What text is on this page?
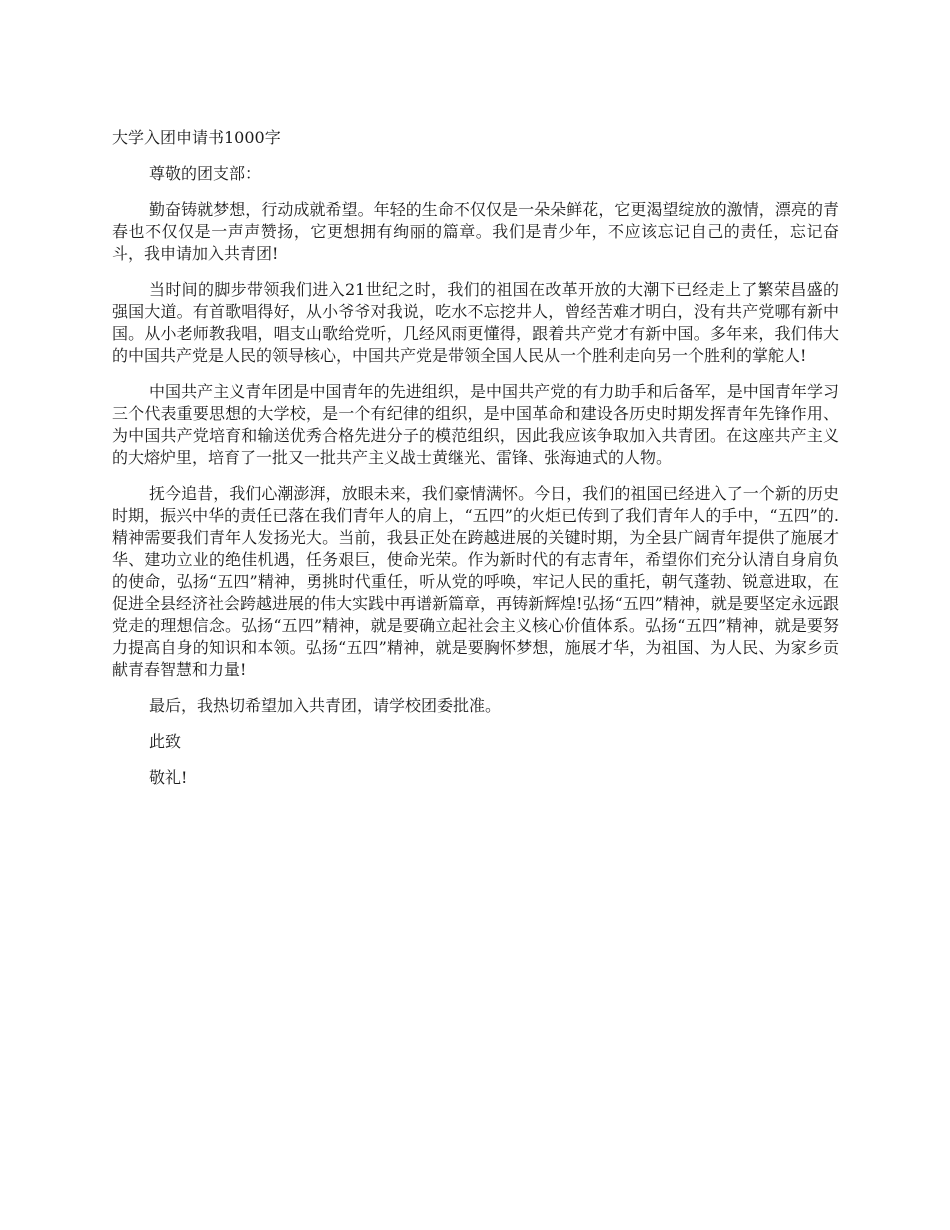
大学入团申请书1000字

尊敬的团支部：

勤奋铸就梦想，行动成就希望。年轻的生命不仅仅是一朵朵鲜花，它更渴望绽放的激情，漂亮的青春也不仅仅是一声声赞扬，它更想拥有绚丽的篇章。我们是青少年，不应该忘记自己的责任，忘记奋斗，我申请加入共青团!

当时间的脚步带领我们进入21世纪之时，我们的祖国在改革开放的大潮下已经走上了繁荣昌盛的强国大道。有首歌唱得好，从小爷爷对我说，吃水不忘挖井人，曾经苦难才明白，没有共产党哪有新中国。从小老师教我唱，唱支山歌给党听，几经风雨更懂得，跟着共产党才有新中国。多年来，我们伟大的中国共产党是人民的领导核心，中国共产党是带领全国人民从一个胜利走向另一个胜利的掌舵人!

中国共产主义青年团是中国青年的先进组织，是中国共产党的有力助手和后备军，是中国青年学习三个代表重要思想的大学校，是一个有纪律的组织，是中国革命和建设各历史时期发挥青年先锋作用、为中国共产党培育和输送优秀合格先进分子的模范组织，因此我应该争取加入共青团。在这座共产主义的大熔炉里，培育了一批又一批共产主义战士黄继光、雷锋、张海迪式的人物。

抚今追昔，我们心潮澎湃，放眼未来，我们豪情满怀。今日，我们的祖国已经进入了一个新的历史时期，振兴中华的责任已落在我们青年人的肩上，“五四”的火炬已传到了我们青年人的手中，“五四”的.精神需要我们青年人发扬光大。当前，我县正处在跨越进展的关键时期，为全县广阔青年提供了施展才华、建功立业的绝佳机遇，任务艰巨，使命光荣。作为新时代的有志青年，希望你们充分认清自身肩负的使命，弘扬“五四”精神，勇挑时代重任，听从党的呼唤，牢记人民的重托，朝气蓬勃、锐意进取，在促进全县经济社会跨越进展的伟大实践中再谱新篇章，再铸新辉煌!弘扬“五四”精神，就是要坚定永远跟党走的理想信念。弘扬“五四”精神，就是要确立起社会主义核心价值体系。弘扬“五四”精神，就是要努力提高自身的知识和本领。弘扬“五四”精神，就是要胸怀梦想，施展才华，为祖国、为人民、为家乡贡献青春智慧和力量!

最后，我热切希望加入共青团，请学校团委批准。

此致

敬礼!
